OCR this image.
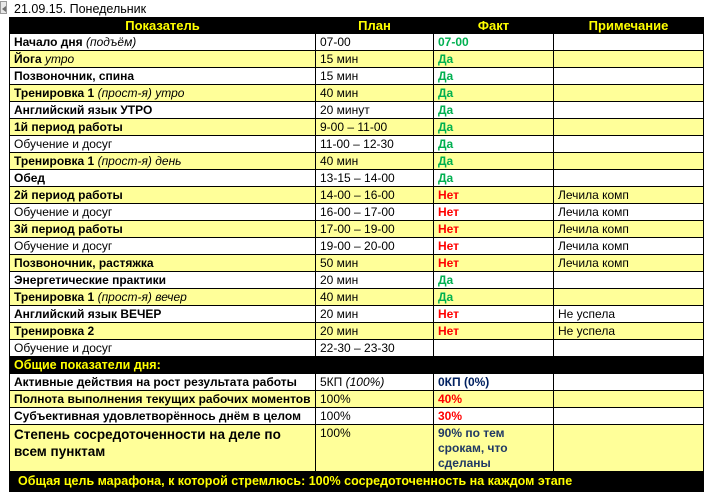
21.09.15. Понедельник
Показатель	План	Факт	Примечание
Начало дня (подъём)	07-00	07-00	
Йога утро	15 мин	Да	
Позвоночник, спина	15 мин	Да	
Тренировка 1 (прост-я) утро	40 мин	Да	
Английский язык УТРО	20 минут	Да	
1й период работы	9-00 – 11-00	Да	
Обучение и досуг	11-00 – 12-30	Да	
Тренировка 1 (прост-я) день	40 мин	Да	
Обед	13-15 – 14-00	Да	
2й период работы	14-00 – 16-00	Нет	Лечила комп
Обучение и досуг	16-00 – 17-00	Нет	Лечила комп
3й период работы	17-00 – 19-00	Нет	Лечила комп
Обучение и досуг	19-00 – 20-00	Нет	Лечила комп
Позвоночник, растяжка	50 мин	Нет	Лечила комп
Энергетические практики	20 мин	Да	
Тренировка 1 (прост-я) вечер	40 мин	Да	
Английский язык ВЕЧЕР	20 мин	Нет	Не успела
Тренировка 2	20 мин	Нет	Не успела
Обучение и досуг	22-30 – 23-30		
Общие показатели дня:			
Активные действия на рост результата работы	5КП (100%)	0КП (0%)	
Полнота выполнения текущих рабочих моментов	100%	40%	
Субъективная удовлетворённось днём в целом	100%	30%	
Степень сосредоточенности на деле по всем пунктам	100%	90% по тем срокам, что сделаны	
Общая цель марафона, к которой стремлюсь: 100% сосредоточенность на каждом этапе			
